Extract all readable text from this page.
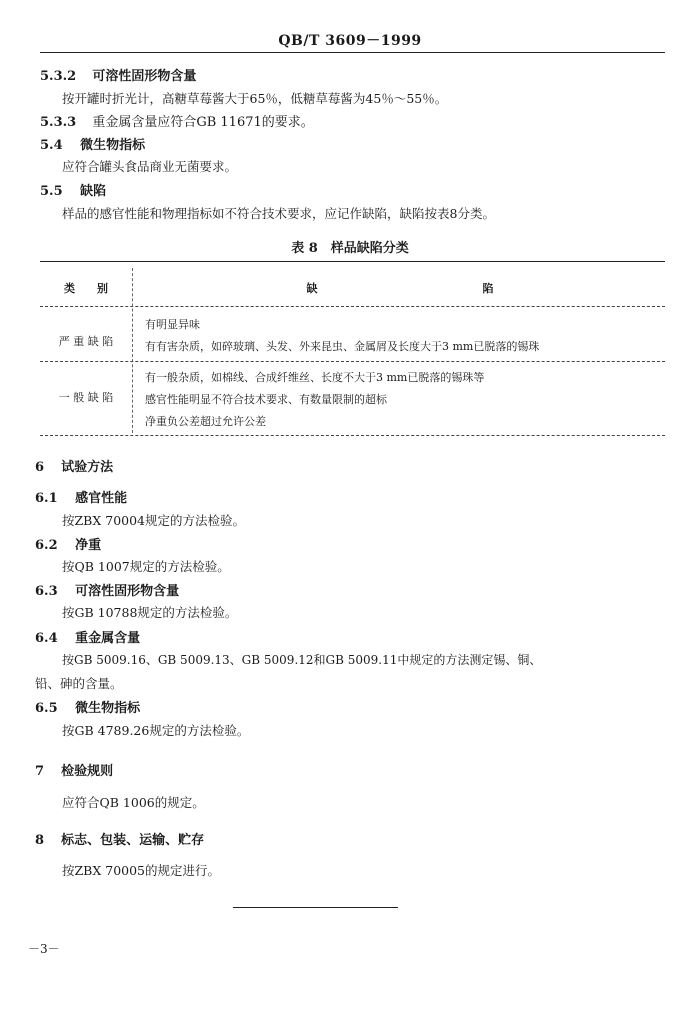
QB/T 3609－1999
5.3.2 可溶性固形物含量
按开罐时折光计，高糖草莓酱大于65％，低糖草莓酱为45％～55％。
5.3.3 重金属含量应符合GB 11671的要求。
5.4 微生物指标
应符合罐头食品商业无菌要求。
5.5 缺陷
样品的感官性能和物理指标如不符合技术要求，应记作缺陷，缺陷按表8分类。
表 8　样品缺陷分类
类　　别	缺　　　　　　　　　　　　　　　陷
严 重 缺 陷
有明显异味
有有害杂质，如碎玻璃、头发、外来昆虫、金属屑及长度大于3 mm已脱落的锡珠
一 般 缺 陷
有一般杂质，如棉线、合成纤维丝、长度不大于3 mm已脱落的锡珠等
感官性能明显不符合技术要求、有数量限制的超标
净重负公差超过允许公差
6 试验方法
6.1 感官性能
按ZBX 70004规定的方法检验。
6.2 净重
按QB 1007规定的方法检验。
6.3 可溶性固形物含量
按GB 10788规定的方法检验。
6.4 重金属含量
按GB 5009.16、GB 5009.13、GB 5009.12和GB 5009.11中规定的方法测定锡、铜、
铅、砷的含量。
6.5 微生物指标
按GB 4789.26规定的方法检验。
7 检验规则
应符合QB 1006的规定。
8 标志、包装、运输、贮存
按ZBX 70005的规定进行。
－3－
